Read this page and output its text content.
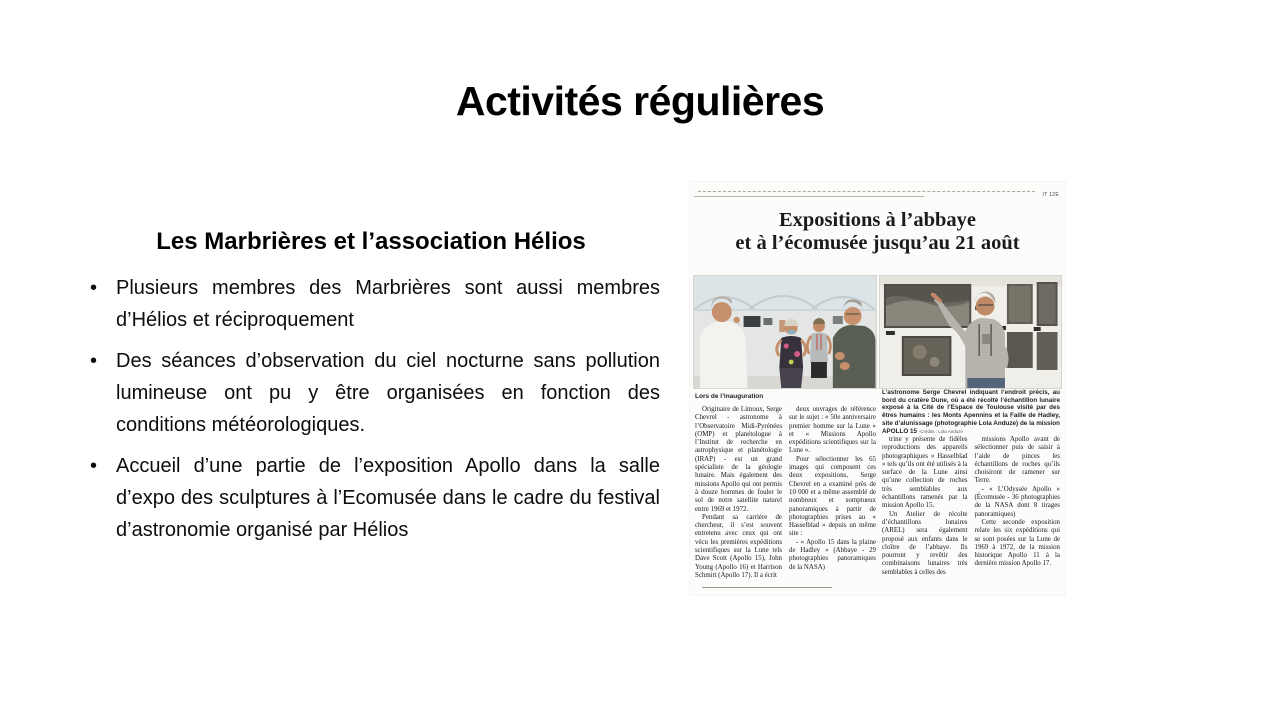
Activités régulières
Les Marbrières et l’association Hélios
•
Plusieurs membres des Marbrières sont aussi membres d’Hélios et réciproquement
•
Des séances d’observation du ciel nocturne sans pollution lumineuse ont pu y être organisées en fonction des conditions météorologiques.
•
Accueil d’une partie de l’exposition Apollo dans la salle d’expo des sculptures à l’Ecomusée dans le cadre du festival d’astronomie organisé par Hélios
IT 12E
Expositions à l’abbaye
et à l’écomusée jusqu’au 21 août
Lors de l’inauguration
L’astronome Serge Chevrel indiquant l’endroit précis, au bord du cratère Dune, où a été récolté l’échantillon lunaire exposé à la Cité de l’Espace de Toulouse visité par des êtres humains : les Monts Apennins et la Faille de Hadley, site d’alunissage (photographie Lola Anduze) de la mission APOLLO 15 -Crédits : Lola Anduze

Originaire de Limoux, Serge Chevrel - astronome à l’Observatoire Midi-Pyrénées (OMP) et planétologue à l’Institut de recherche en astrophysique et planétologie (IRAP) - est un grand spécialiste de la géologie lunaire. Mais également des missions Apollo qui ont permis à douze hommes de fouler le sol de notre satellite naturel entre 1969 et 1972.

Pendant sa carrière de chercheur, il s’est souvent entretenu avec ceux qui ont vécu les premières expéditions scientifiques sur la Lune tels Dave Scott (Apollo 15), John Young (Apollo 16) et Harrison Schmitt (Apollo 17). Il a écrit

deux ouvrages de référence sur le sujet : « 50e anniversaire premier homme sur la Lune » et « Missions Apollo expéditions scientifiques sur la Lune ».

Pour sélectionner les 65 images qui composent ces deux expositions, Serge Chevrel en a examiné près de 10 000 et a même assemblé de nombreux et somptueux panoramiques à partir de photographies prises au « Hasselblad » depuis un même site :

- « Apollo 15 dans la plaine de Hadley » (Abbaye - 29 photographies panoramiques de la NASA)

trine y présente de fidèles reproductions des appareils photographiques « Hasselblad » tels qu’ils ont été utilisés à la surface de la Lune ainsi qu’une collection de roches très semblables aux échantillons ramenés par la mission Apollo 15.

Un Atelier de récolte d’échantillons lunaires (AREL) sera également proposé aux enfants dans le cloître de l’abbaye. Ils pourront y revêtir des combinaisons lunaires très semblables à celles des

missions Apollo avant de sélectionner puis de saisir à l’aide de pinces les échantillons de roches qu’ils choisiront de ramener sur Terre.

- « L’Odyssée Apollo » (Écomusée - 36 photographies de la NASA dont 8 tirages panoramiques)

Cette seconde exposition relate les six expéditions qui se sont posées sur la Lune de 1969 à 1972, de la mission historique Apollo 11 à la dernière mission Apollo 17.
